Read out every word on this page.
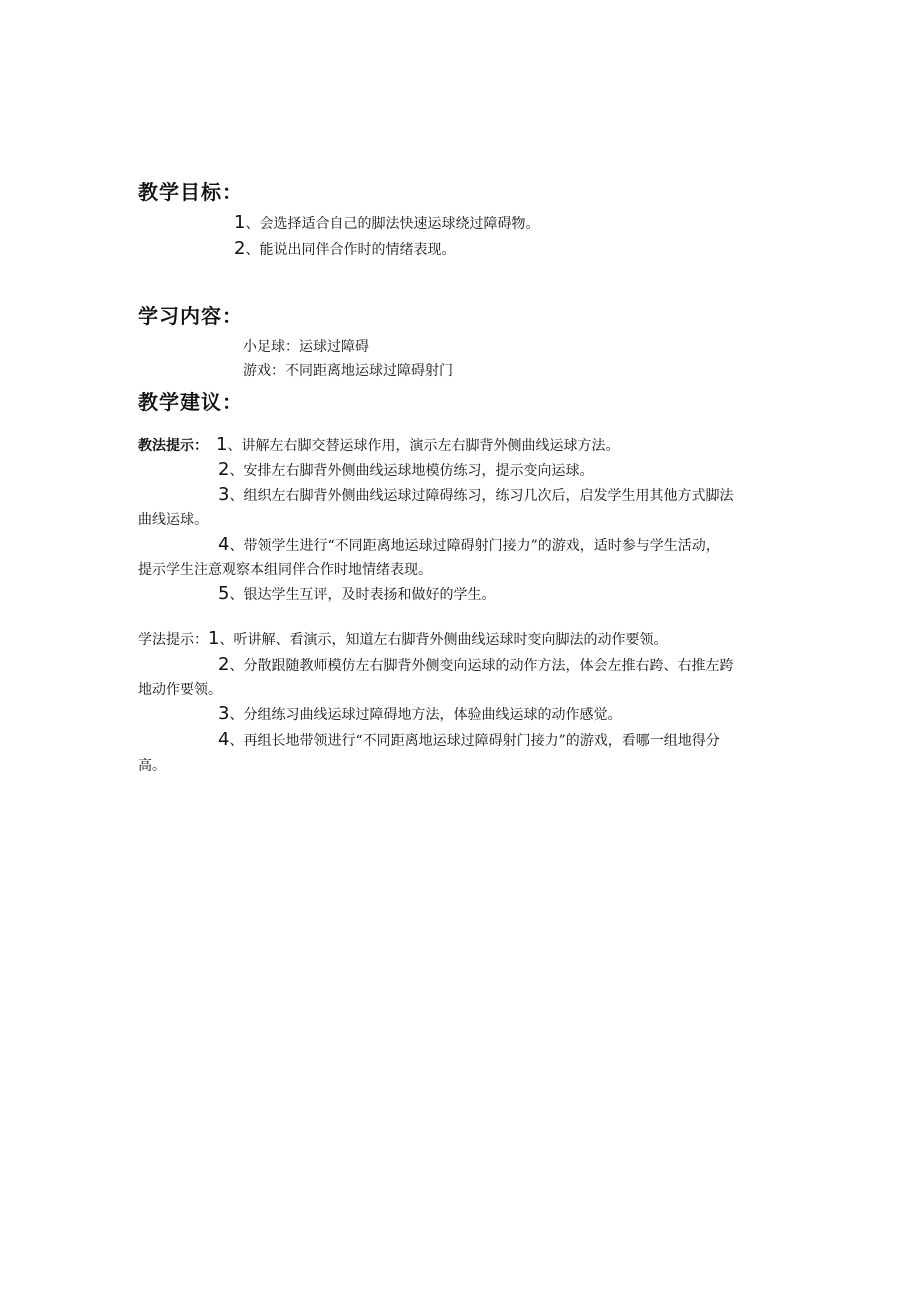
教学目标：
1、会选择适合自己的脚法快速运球绕过障碍物。
2、能说出同伴合作时的情绪表现。
学习内容：
小足球：运球过障碍
游戏：不同距离地运球过障碍射门
教学建议：
教法提示： 1、讲解左右脚交替运球作用，演示左右脚背外侧曲线运球方法。
2、安排左右脚背外侧曲线运球地模仿练习，提示变向运球。
3、组织左右脚背外侧曲线运球过障碍练习，练习几次后，启发学生用其他方式脚法
曲线运球。
4、带领学生进行“不同距离地运球过障碍射门接力”的游戏，适时参与学生活动，
提示学生注意观察本组同伴合作时地情绪表现。
5、银达学生互评，及时表扬和做好的学生。
学法提示：1、听讲解、看演示，知道左右脚背外侧曲线运球时变向脚法的动作要领。
2、分散跟随教师模仿左右脚背外侧变向运球的动作方法，体会左推右跨、右推左跨
地动作要领。
3、分组练习曲线运球过障碍地方法，体验曲线运球的动作感觉。
4、再组长地带领进行“不同距离地运球过障碍射门接力”的游戏，看哪一组地得分
高。
